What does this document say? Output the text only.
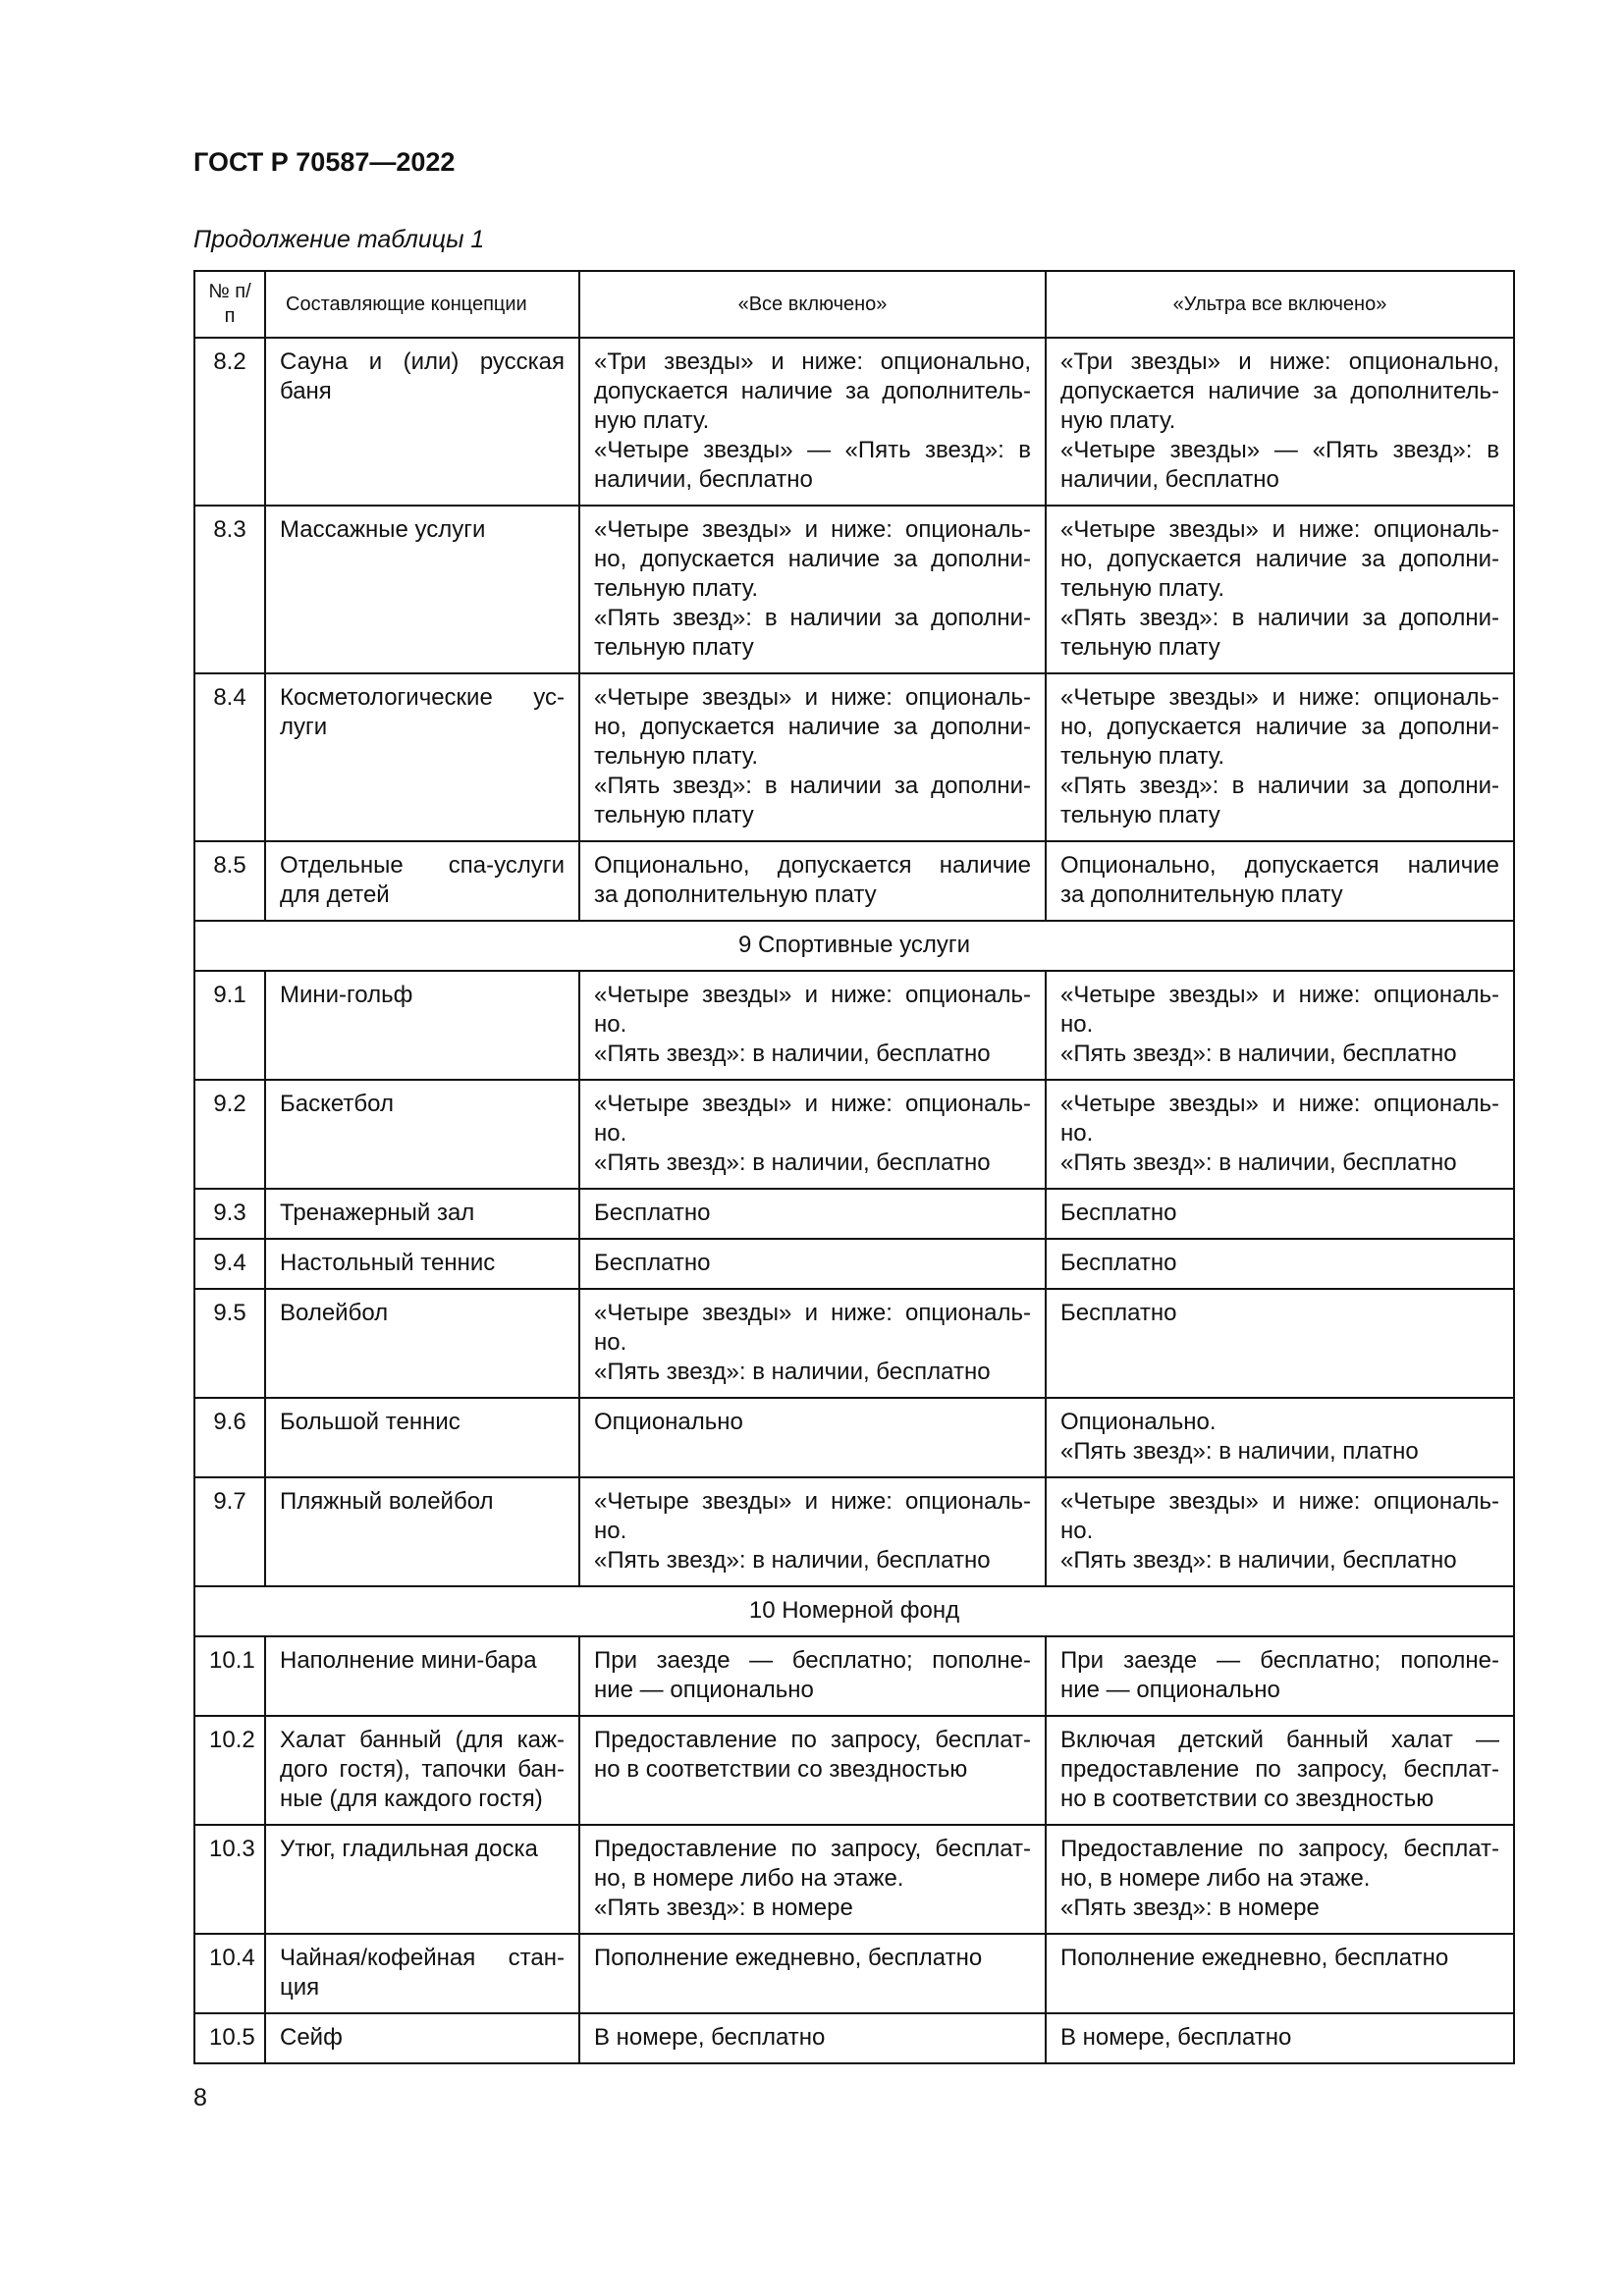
ГОСТ Р 70587—2022

Продолжение таблицы 1

№ п/п	Составляющие концепции	«Все включено»	«Ультра все включено»
8.2	Сауна и (или) русская
баня	«Три звезды» и ниже: опционально,
допускается наличие за дополнитель-
ную плату.
«Четыре звезды» — «Пять звезд»: в
наличии, бесплатно	«Три звезды» и ниже: опционально,
допускается наличие за дополнитель-
ную плату.
«Четыре звезды» — «Пять звезд»: в
наличии, бесплатно

8.3	Массажные услуги	«Четыре звезды» и ниже: опциональ-
но, допускается наличие за дополни-
тельную плату.
«Пять звезд»: в наличии за дополни-
тельную плату	«Четыре звезды» и ниже: опциональ-
но, допускается наличие за дополни-
тельную плату.
«Пять звезд»: в наличии за дополни-
тельную плату

8.4	Косметологические ус-
луги	«Четыре звезды» и ниже: опциональ-
но, допускается наличие за дополни-
тельную плату.
«Пять звезд»: в наличии за дополни-
тельную плату	«Четыре звезды» и ниже: опциональ-
но, допускается наличие за дополни-
тельную плату.
«Пять звезд»: в наличии за дополни-
тельную плату

8.5	Отдельные спа-услуги
для детей	Опционально, допускается наличие
за дополнительную плату	Опционально, допускается наличие
за дополнительную плату

9 Спортивные услуги			
9.1	Мини-гольф	«Четыре звезды» и ниже: опциональ-
но.
«Пять звезд»: в наличии, бесплатно	«Четыре звезды» и ниже: опциональ-
но.
«Пять звезд»: в наличии, бесплатно

9.2	Баскетбол	«Четыре звезды» и ниже: опциональ-
но.
«Пять звезд»: в наличии, бесплатно	«Четыре звезды» и ниже: опциональ-
но.
«Пять звезд»: в наличии, бесплатно

9.3	Тренажерный зал	Бесплатно	Бесплатно

9.4	Настольный теннис	Бесплатно	Бесплатно

9.5	Волейбол	«Четыре звезды» и ниже: опциональ-
но.
«Пять звезд»: в наличии, бесплатно	Бесплатно

9.6	Большой теннис	Опционально	Опционально.
«Пять звезд»: в наличии, платно

9.7	Пляжный волейбол	«Четыре звезды» и ниже: опциональ-
но.
«Пять звезд»: в наличии, бесплатно	«Четыре звезды» и ниже: опциональ-
но.
«Пять звезд»: в наличии, бесплатно

10 Номерной фонд			
10.1	Наполнение мини-бара	При заезде — бесплатно; пополне-
ние — опционально	При заезде — бесплатно; пополне-
ние — опционально

10.2	Халат банный (для каж-
дого гостя), тапочки бан-
ные (для каждого гостя)	Предоставление по запросу, бесплат-
но в соответствии со звездностью	Включая детский банный халат —
предоставление по запросу, бесплат-
но в соответствии со звездностью

10.3	Утюг, гладильная доска	Предоставление по запросу, бесплат-
но, в номере либо на этаже.
«Пять звезд»: в номере	Предоставление по запросу, бесплат-
но, в номере либо на этаже.
«Пять звезд»: в номере

10.4	Чайная/кофейная стан-
ция	Пополнение ежедневно, бесплатно	Пополнение ежедневно, бесплатно

10.5	Сейф	В номере, бесплатно	В номере, бесплатно

8
